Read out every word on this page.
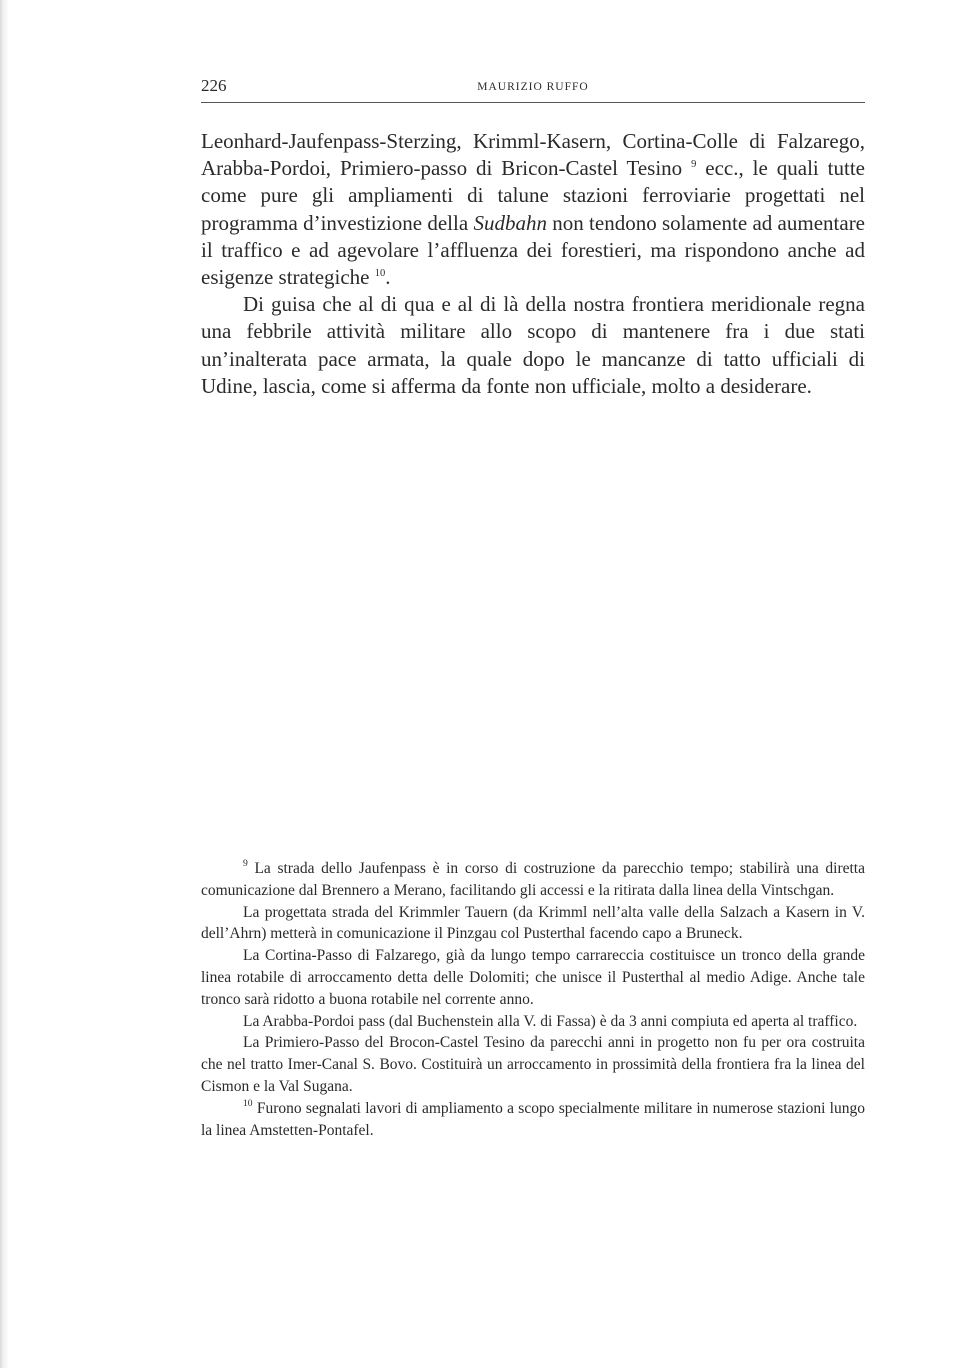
226	MAURIZIO RUFFO

Leonhard-Jaufenpass-Sterzing, Krimml-Kasern, Cortina-Colle di Falzarego, Arabba-Pordoi, Primiero-passo di Bricon-Castel Tesino $^9$ ecc., le quali tutte come pure gli ampliamenti di talune stazioni ferroviarie progettati nel programma d’investizione della Sudbahn non tendono solamente ad aumentare il traffico e ad agevolare l’affluenza dei forestieri, ma rispondono anche ad esigenze strategiche $^{10}$.

Di guisa che al di qua e al di là della nostra frontiera meridionale regna una febbrile attività militare allo scopo di mantenere fra i due stati un’inalterata pace armata, la quale dopo le mancanze di tatto ufficiali di Udine, lascia, come si afferma da fonte non ufficiale, molto a desiderare.

$^9$ La strada dello Jaufenpass è in corso di costruzione da parecchio tempo; stabilirà una diretta comunicazione dal Brennero a Merano, facilitando gli accessi e la ritirata dalla linea della Vintschgan.

La progettata strada del Krimmler Tauern (da Krimml nell’alta valle della Salzach a Kasern in V. dell’Ahrn) metterà in comunicazione il Pinzgau col Pusterthal facendo capo a Bruneck.

La Cortina-Passo di Falzarego, già da lungo tempo carrareccia costituisce un tronco della grande linea rotabile di arroccamento detta delle Dolomiti; che unisce il Pusterthal al medio Adige. Anche tale tronco sarà ridotto a buona rotabile nel corrente anno.

La Arabba-Pordoi pass (dal Buchenstein alla V. di Fassa) è da 3 anni compiuta ed aperta al traffico.

La Primiero-Passo del Brocon-Castel Tesino da parecchi anni in progetto non fu per ora costruita che nel tratto Imer-Canal S. Bovo. Costituirà un arroccamento in prossimità della frontiera fra la linea del Cismon e la Val Sugana.

$^{10}$ Furono segnalati lavori di ampliamento a scopo specialmente militare in numerose stazioni lungo la linea Amstetten-Pontafel.
